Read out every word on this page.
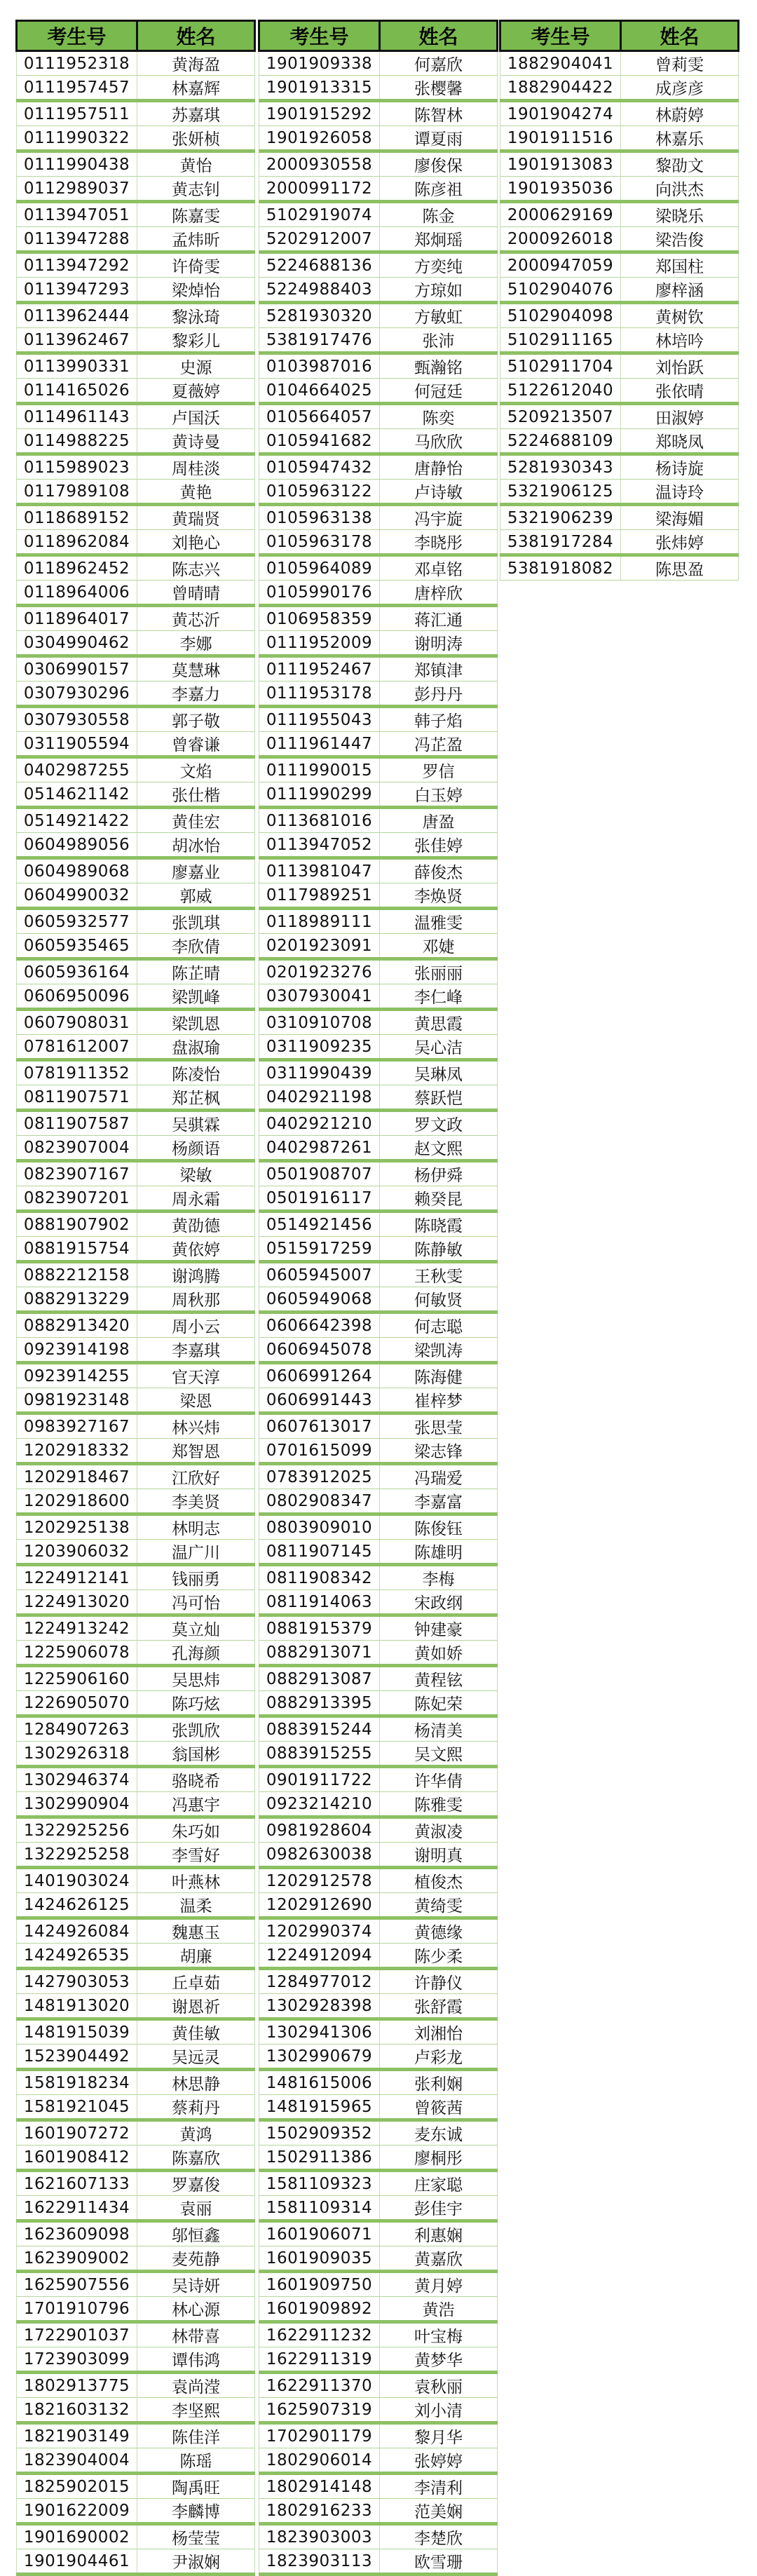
考生号	姓名
0111952318	黄海盈
0111957457	林嘉辉
0111957511	苏嘉琪
0111990322	张妍桢
0111990438	黄怡
0112989037	黄志钊
0113947051	陈嘉雯
0113947288	孟炜昕
0113947292	许倚雯
0113947293	梁焯怡
0113962444	黎泳琦
0113962467	黎彩儿
0113990331	史源
0114165026	夏薇婷
0114961143	卢国沃
0114988225	黄诗曼
0115989023	周桂淡
0117989108	黄艳
0118689152	黄瑞贤
0118962084	刘艳心
0118962452	陈志兴
0118964006	曾晴晴
0118964017	黄芯沂
0304990462	李娜
0306990157	莫慧琳
0307930296	李嘉力
0307930558	郭子敬
0311905594	曾睿谦
0402987255	文焰
0514621142	张仕楷
0514921422	黄佳宏
0604989056	胡冰怡
0604989068	廖嘉业
0604990032	郭威
0605932577	张凯琪
0605935465	李欣倩
0605936164	陈芷晴
0606950096	梁凯峰
0607908031	梁凯恩
0781612007	盘淑瑜
0781911352	陈凌怡
0811907571	郑芷枫
0811907587	吴骐霖
0823907004	杨颜语
0823907167	梁敏
0823907201	周永霜
0881907902	黄劭德
0881915754	黄依婷
0882212158	谢鸿腾
0882913229	周秋那
0882913420	周小云
0923914198	李嘉琪
0923914255	官天淳
0981923148	梁恩
0983927167	林兴炜
1202918332	郑智恩
1202918467	江欣好
1202918600	李美贤
1202925138	林明志
1203906032	温广川
1224912141	钱丽勇
1224913020	冯可怡
1224913242	莫立灿
1225906078	孔海颜
1225906160	吴思炜
1226905070	陈巧炫
1284907263	张凯欣
1302926318	翁国彬
1302946374	骆晓希
1302990904	冯惠宇
1322925256	朱巧如
1322925258	李雪好
1401903024	叶燕林
1424626125	温柔
1424926084	魏惠玉
1424926535	胡廉
1427903053	丘卓茹
1481913020	谢恩祈
1481915039	黄佳敏
1523904492	吴远灵
1581918234	林思静
1581921045	蔡莉丹
1601907272	黄鸿
1601908412	陈嘉欣
1621607133	罗嘉俊
1622911434	袁丽
1623609098	邬恒鑫
1623909002	麦苑静
1625907556	吴诗妍
1701910796	林心源
1722901037	林带喜
1723903099	谭伟鸿
1802913775	袁尚滢
1821603132	李坚熙
1821903149	陈佳洋
1823904004	陈瑶
1825902015	陶禹旺
1901622009	李麟博
1901690002	杨莹莹
1901904461	尹淑娴
考生号	姓名
1901909338	何嘉欣
1901913315	张樱馨
1901915292	陈智林
1901926058	谭夏雨
2000930558	廖俊保
2000991172	陈彦祖
5102919074	陈金
5202912007	郑炯瑶
5224688136	方奕纯
5224988403	方琼如
5281930320	方敏虹
5381917476	张沛
0103987016	甄瀚铭
0104664025	何冠廷
0105664057	陈奕
0105941682	马欣欣
0105947432	唐静怡
0105963122	卢诗敏
0105963138	冯宇旋
0105963178	李晓彤
0105964089	邓卓铭
0105990176	唐梓欣
0106958359	蒋汇通
0111952009	谢明涛
0111952467	郑镇津
0111953178	彭丹丹
0111955043	韩子焰
0111961447	冯芷盈
0111990015	罗信
0111990299	白玉婷
0113681016	唐盈
0113947052	张佳婷
0113981047	薛俊杰
0117989251	李焕贤
0118989111	温雅雯
0201923091	邓婕
0201923276	张丽丽
0307930041	李仁峰
0310910708	黄思霞
0311909235	吴心洁
0311990439	吴琳凤
0402921198	蔡跃恺
0402921210	罗文政
0402987261	赵文熙
0501908707	杨伊舜
0501916117	赖癸昆
0514921456	陈晓霞
0515917259	陈静敏
0605945007	王秋雯
0605949068	何敏贤
0606642398	何志聪
0606945078	梁凯涛
0606991264	陈海健
0606991443	崔梓梦
0607613017	张思莹
0701615099	梁志锋
0783912025	冯瑞爱
0802908347	李嘉富
0803909010	陈俊钰
0811907145	陈雄明
0811908342	李梅
0811914063	宋政纲
0881915379	钟建豪
0882913071	黄如娇
0882913087	黄程铉
0882913395	陈妃荣
0883915244	杨清美
0883915255	吴文熙
0901911722	许华倩
0923214210	陈雅雯
0981928604	黄淑凌
0982630038	谢明真
1202912578	植俊杰
1202912690	黄绮雯
1202990374	黄德缘
1224912094	陈少柔
1284977012	许静仪
1302928398	张舒霞
1302941306	刘湘怡
1302990679	卢彩龙
1481615006	张利娴
1481915965	曾筱茜
1502909352	麦东诚
1502911386	廖桐彤
1581109323	庄家聪
1581109314	彭佳宇
1601906071	利惠娴
1601909035	黄嘉欣
1601909750	黄月婷
1601909892	黄浩
1622911232	叶宝梅
1622911319	黄梦华
1622911370	袁秋丽
1625907319	刘小清
1702901179	黎月华
1802906014	张婷婷
1802914148	李清利
1802916233	范美娴
1823903003	李楚欣
1823903113	欧雪珊
考生号	姓名
1882904041	曾莉雯
1882904422	成彦彦
1901904274	林蔚婷
1901911516	林嘉乐
1901913083	黎劭文
1901935036	向洪杰
2000629169	梁晓乐
2000926018	梁浩俊
2000947059	郑国柱
5102904076	廖梓涵
5102904098	黄树钦
5102911165	林培吟
5102911704	刘怡跃
5122612040	张依晴
5209213507	田淑婷
5224688109	郑晓凤
5281930343	杨诗旋
5321906125	温诗玲
5321906239	梁海媚
5381917284	张炜婷
5381918082	陈思盈
